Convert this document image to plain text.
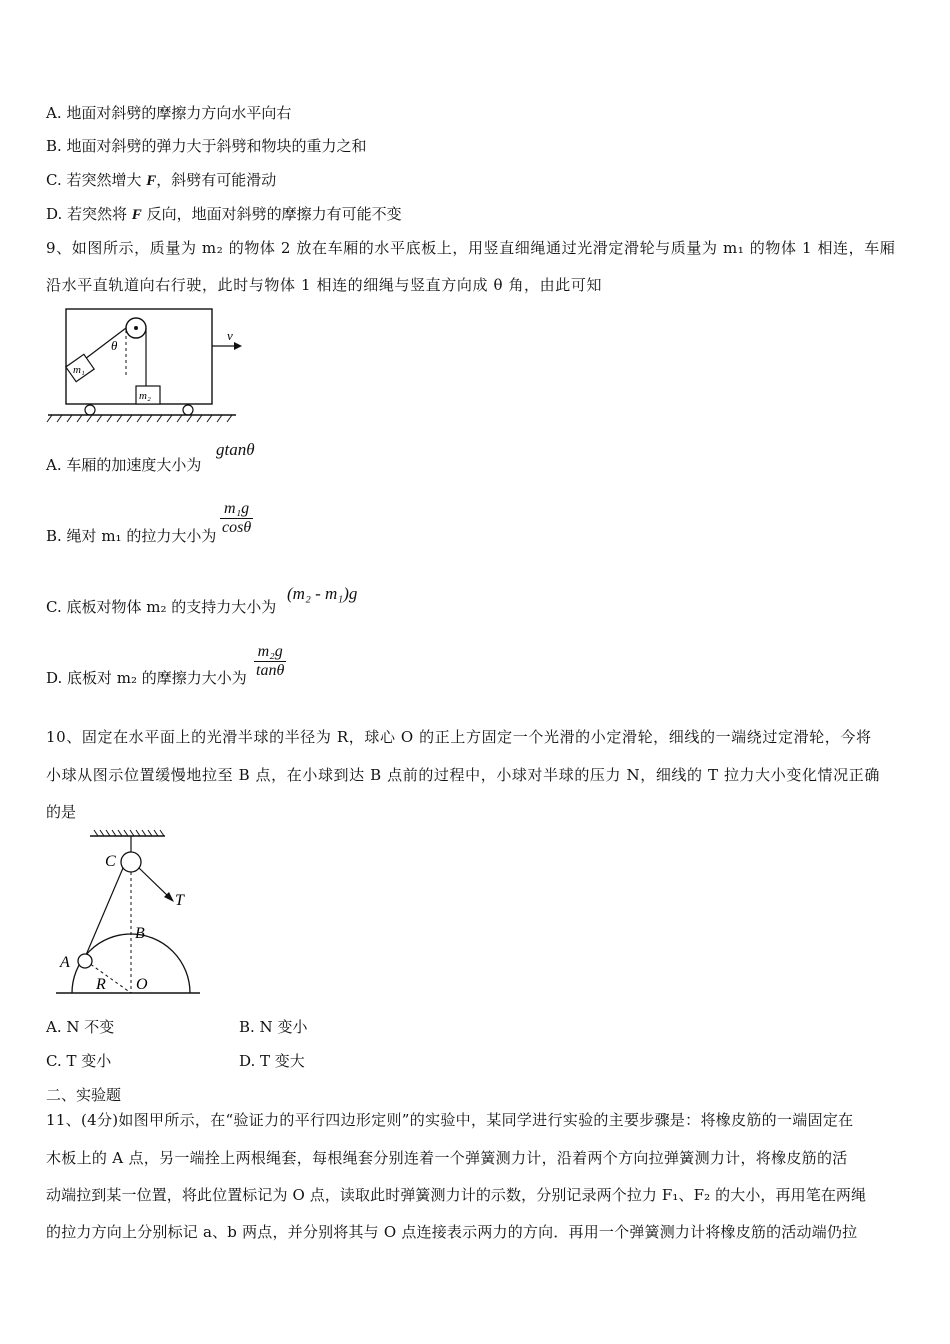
A. 地面对斜劈的摩擦力方向水平向右
B. 地面对斜劈的弹力大于斜劈和物块的重力之和
C. 若突然增大 F，斜劈有可能滑动
D. 若突然将 F 反向，地面对斜劈的摩擦力有可能不变
9、如图所示，质量为 m₂ 的物体 2 放在车厢的水平底板上，用竖直细绳通过光滑定滑轮与质量为 m₁ 的物体 1 相连，车厢
沿水平直轨道向右行驶，此时与物体 1 相连的细绳与竖直方向成 θ 角，由此可知
m₁
m₂
θ
v
A. 车厢的加速度大小为
gtanθ
B. 绳对 m₁ 的拉力大小为 $\frac{\text{m₁g}}{\cos\theta}$
C. 底板对物体 m₂ 的支持力大小为
(m₂ - m₁)g
D. 底板对 m₂ 的摩擦力大小为 $\frac{\text{m₂g}}{\tan\theta}$
10、固定在水平面上的光滑半球的半径为 R，球心 O 的正上方固定一个光滑的小定滑轮，细线的一端绕过定滑轮，今将
小球从图示位置缓慢地拉至 B 点，在小球到达 B 点前的过程中，小球对半球的压力 N，细线的 T 拉力大小变化情况正确
的是
C
T
B
A
R O
A. N 不变	B. N 变小
C. T 变小	D. T 变大
二、实验题
11、(4分)如图甲所示，在“验证力的平行四边形定则”的实验中，某同学进行实验的主要步骤是：将橡皮筋的一端固定在
木板上的 A 点，另一端拴上两根绳套，每根绳套分别连着一个弹簧测力计，沿着两个方向拉弹簧测力计，将橡皮筋的活
动端拉到某一位置，将此位置标记为 O 点，读取此时弹簧测力计的示数，分别记录两个拉力 F₁、F₂ 的大小，再用笔在两绳
的拉力方向上分别标记 a、b 两点，并分别将其与 O 点连接表示两力的方向．再用一个弹簧测力计将橡皮筋的活动端仍拉
